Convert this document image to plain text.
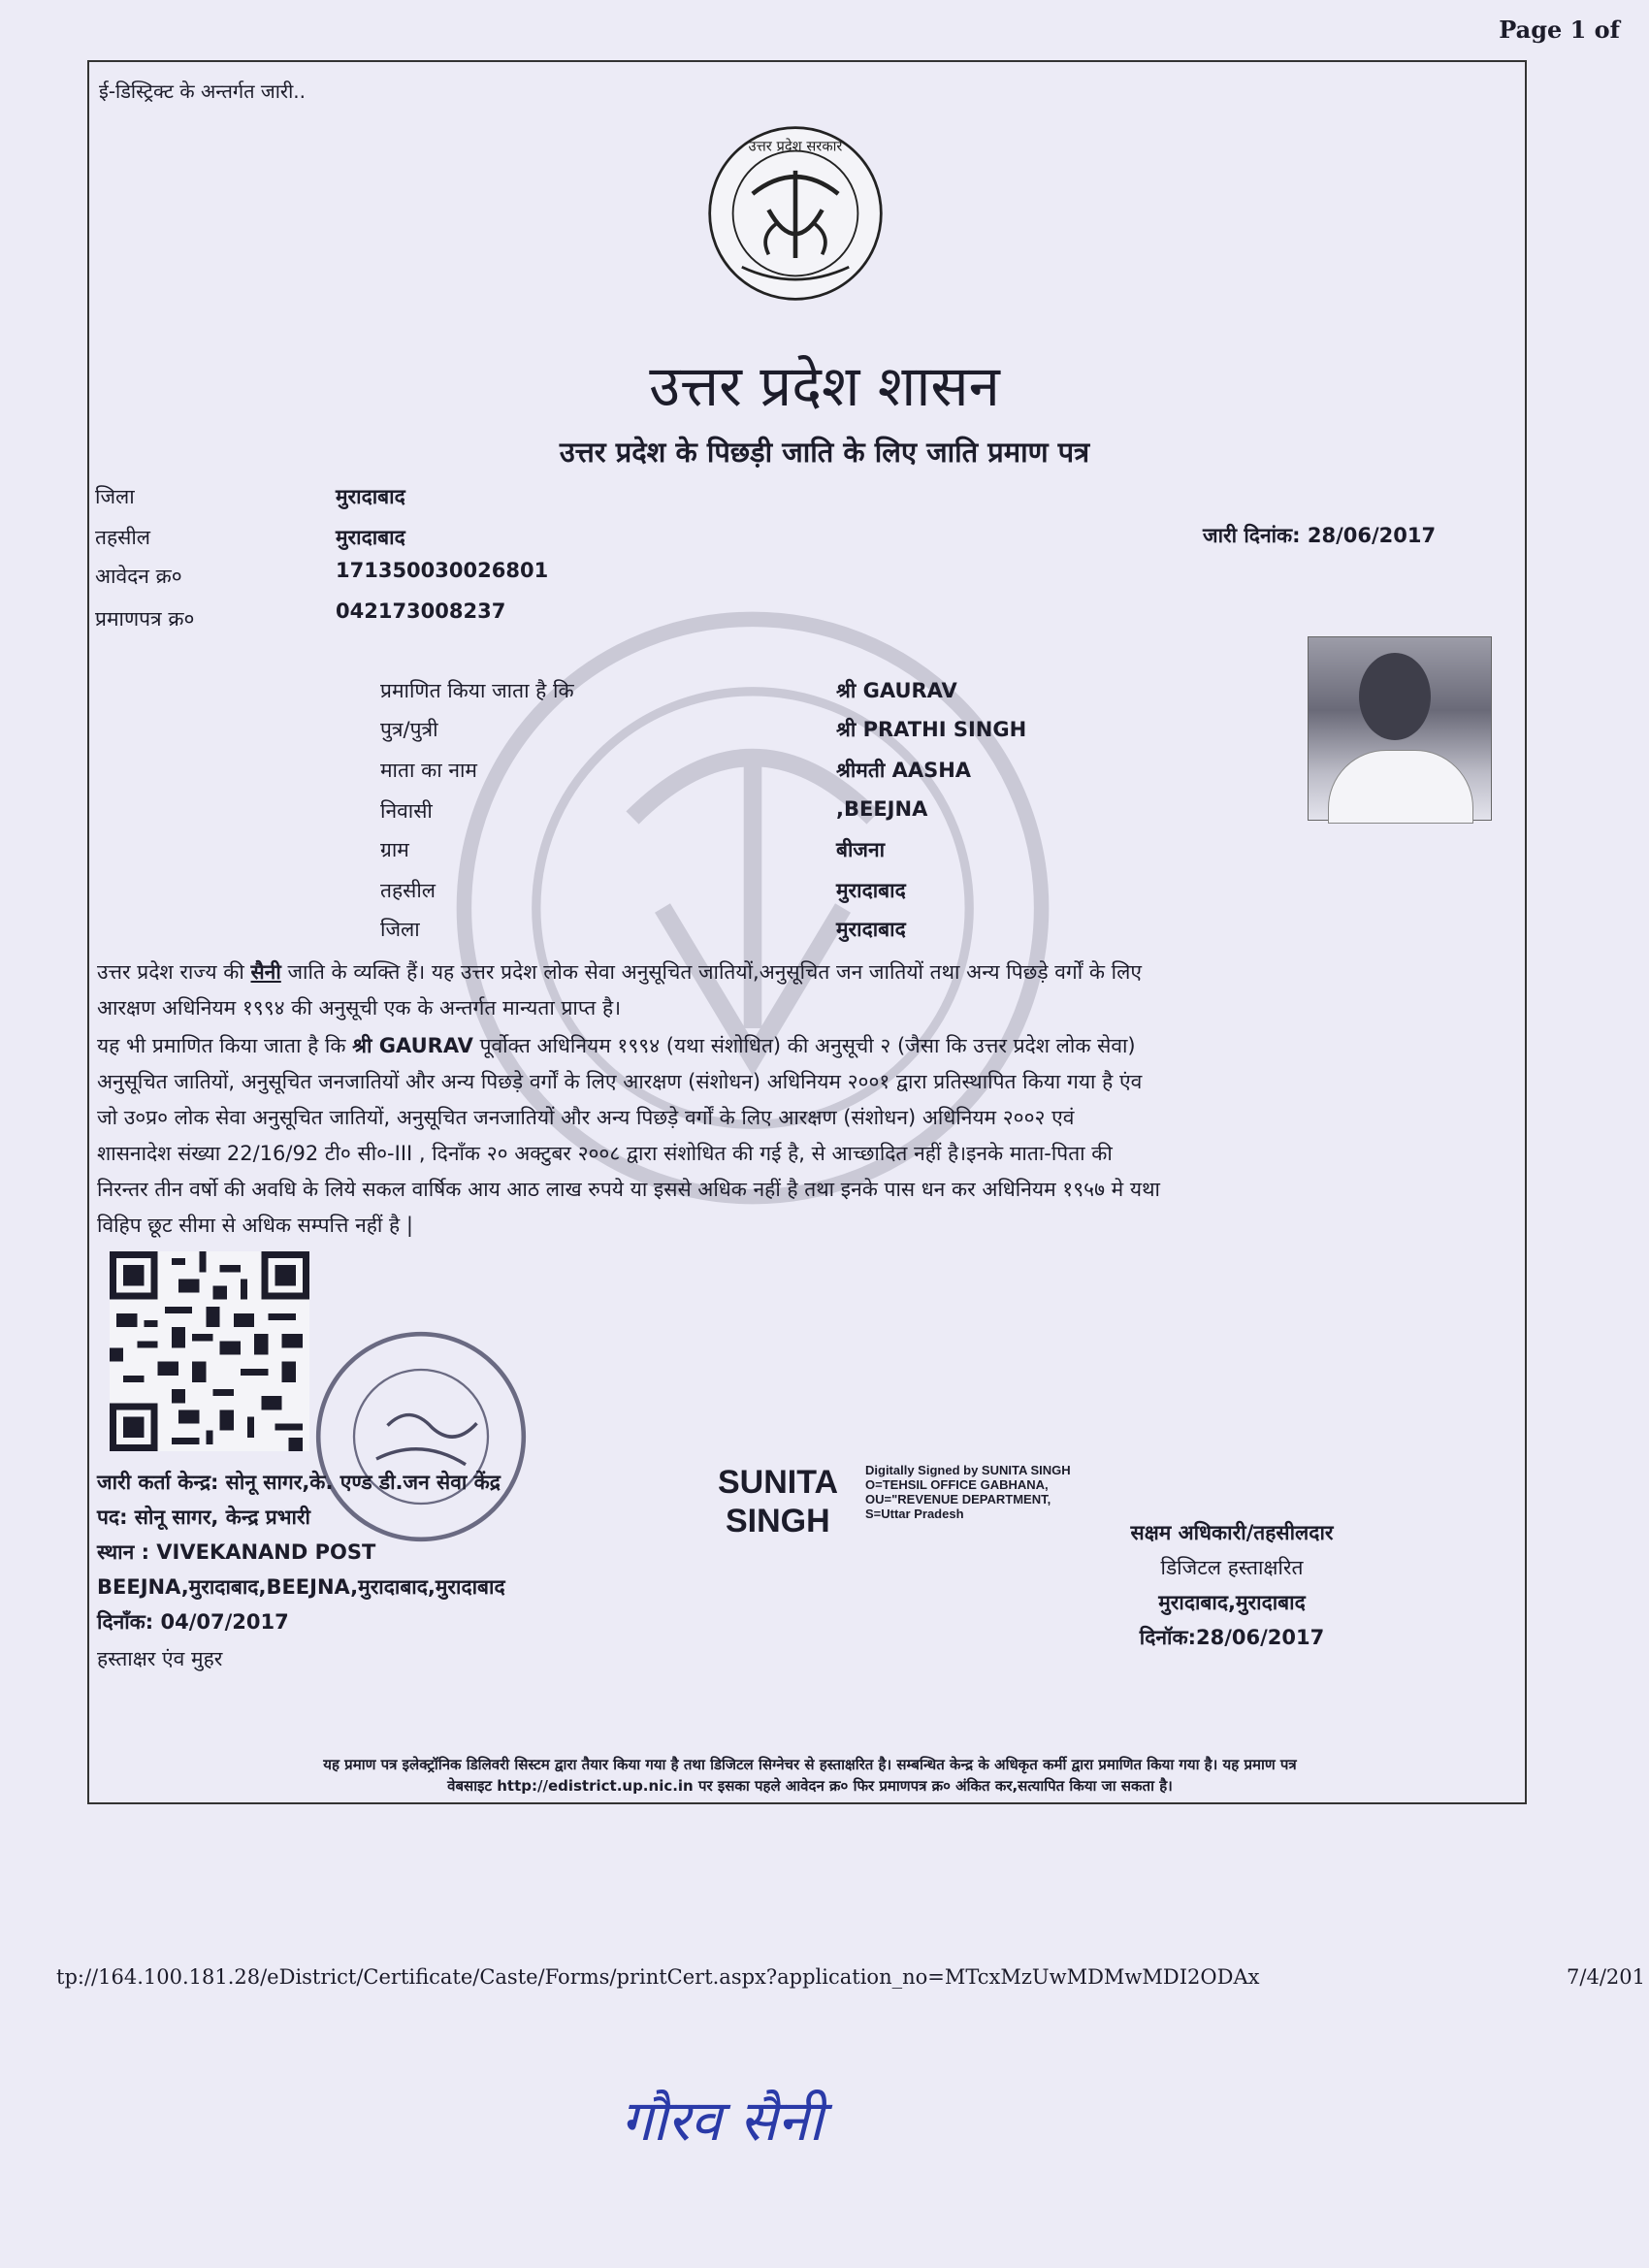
Page 1 of
ई-डिस्ट्रिक्ट के अन्तर्गत जारी..
उत्तर प्रदेश सरकार
उत्तर प्रदेश शासन
उत्तर प्रदेश के पिछड़ी जाति के लिए जाति प्रमाण पत्र
जिला	मुरादाबाद
तहसील	मुरादाबाद
आवेदन क्र०	171350030026801
प्रमाणपत्र क्र०	042173008237
जारी दिनांक: 28/06/2017
प्रमाणित किया जाता है कि	श्री GAURAV
पुत्र/पुत्री	श्री PRATHI SINGH
माता का नाम	श्रीमती AASHA
निवासी	,BEEJNA
ग्राम	बीजना
तहसील	मुरादाबाद
जिला	मुरादाबाद
उत्तर प्रदेश राज्य की सैनी जाति के व्यक्ति हैं। यह उत्तर प्रदेश लोक सेवा अनुसूचित जातियों,अनुसूचित जन जातियों तथा अन्य पिछड़े वर्गों के लिए
आरक्षण अधिनियम १९९४ की अनुसूची एक के अन्तर्गत मान्यता प्राप्त है।
यह भी प्रमाणित किया जाता है कि श्री GAURAV पूर्वोक्त अधिनियम १९९४ (यथा संशोधित) की अनुसूची २ (जैसा कि उत्तर प्रदेश लोक सेवा)
अनुसूचित जातियों, अनुसूचित जनजातियों और अन्य पिछड़े वर्गों के लिए आरक्षण (संशोधन) अधिनियम २००१ द्वारा प्रतिस्थापित किया गया है एंव
जो उ०प्र० लोक सेवा अनुसूचित जातियों, अनुसूचित जनजातियों और अन्य पिछड़े वर्गों के लिए आरक्षण (संशोधन) अधिनियम २००२ एवं
शासनादेश संख्या 22/16/92 टी० सी०-III , दिनाँक २० अक्टुबर २००८ द्वारा संशोधित की गई है, से आच्छादित नहीं है।इनके माता-पिता की
निरन्तर तीन वर्षो की अवधि के लिये सकल वार्षिक आय आठ लाख रुपये या इससे अधिक नहीं है तथा इनके पास धन कर अधिनियम १९५७ मे यथा
विहिप छूट सीमा से अधिक सम्पत्ति नहीं है |
जारी कर्ता केन्द्र: सोनू सागर,के. एण्ड डी.जन सेवा केंद्र
पद: सोनू सागर, केन्द्र प्रभारी
स्थान : VIVEKANAND POST
BEEJNA,मुरादाबाद,BEEJNA,मुरादाबाद,मुरादाबाद
दिनाँक: 04/07/2017
हस्ताक्षर एंव मुहर
SUNITA
SINGH
Digitally Signed by SUNITA SINGH O=TEHSIL OFFICE GABHANA, OU="REVENUE DEPARTMENT, S=Uttar Pradesh
सक्षम अधिकारी/तहसीलदार
डिजिटल हस्ताक्षरित
मुरादाबाद,मुरादाबाद
दिनॉक:28/06/2017
यह प्रमाण पत्र इलेक्ट्रॉनिक डिलिवरी सिस्टम द्वारा तैयार किया गया है तथा डिजिटल सिग्नेचर से हस्ताक्षरित है। सम्बन्धित केन्द्र के अधिकृत कर्मी द्वारा प्रमाणित किया गया है। यह प्रमाण पत्र
वेबसाइट http://edistrict.up.nic.in पर इसका पहले आवेदन क्र० फिर प्रमाणपत्र क्र० अंकित कर,सत्यापित किया जा सकता है।
tp://164.100.181.28/eDistrict/Certificate/Caste/Forms/printCert.aspx?application_no=MTcxMzUwMDMwMDI2ODAx	7/4/201
गौरव सैनी
